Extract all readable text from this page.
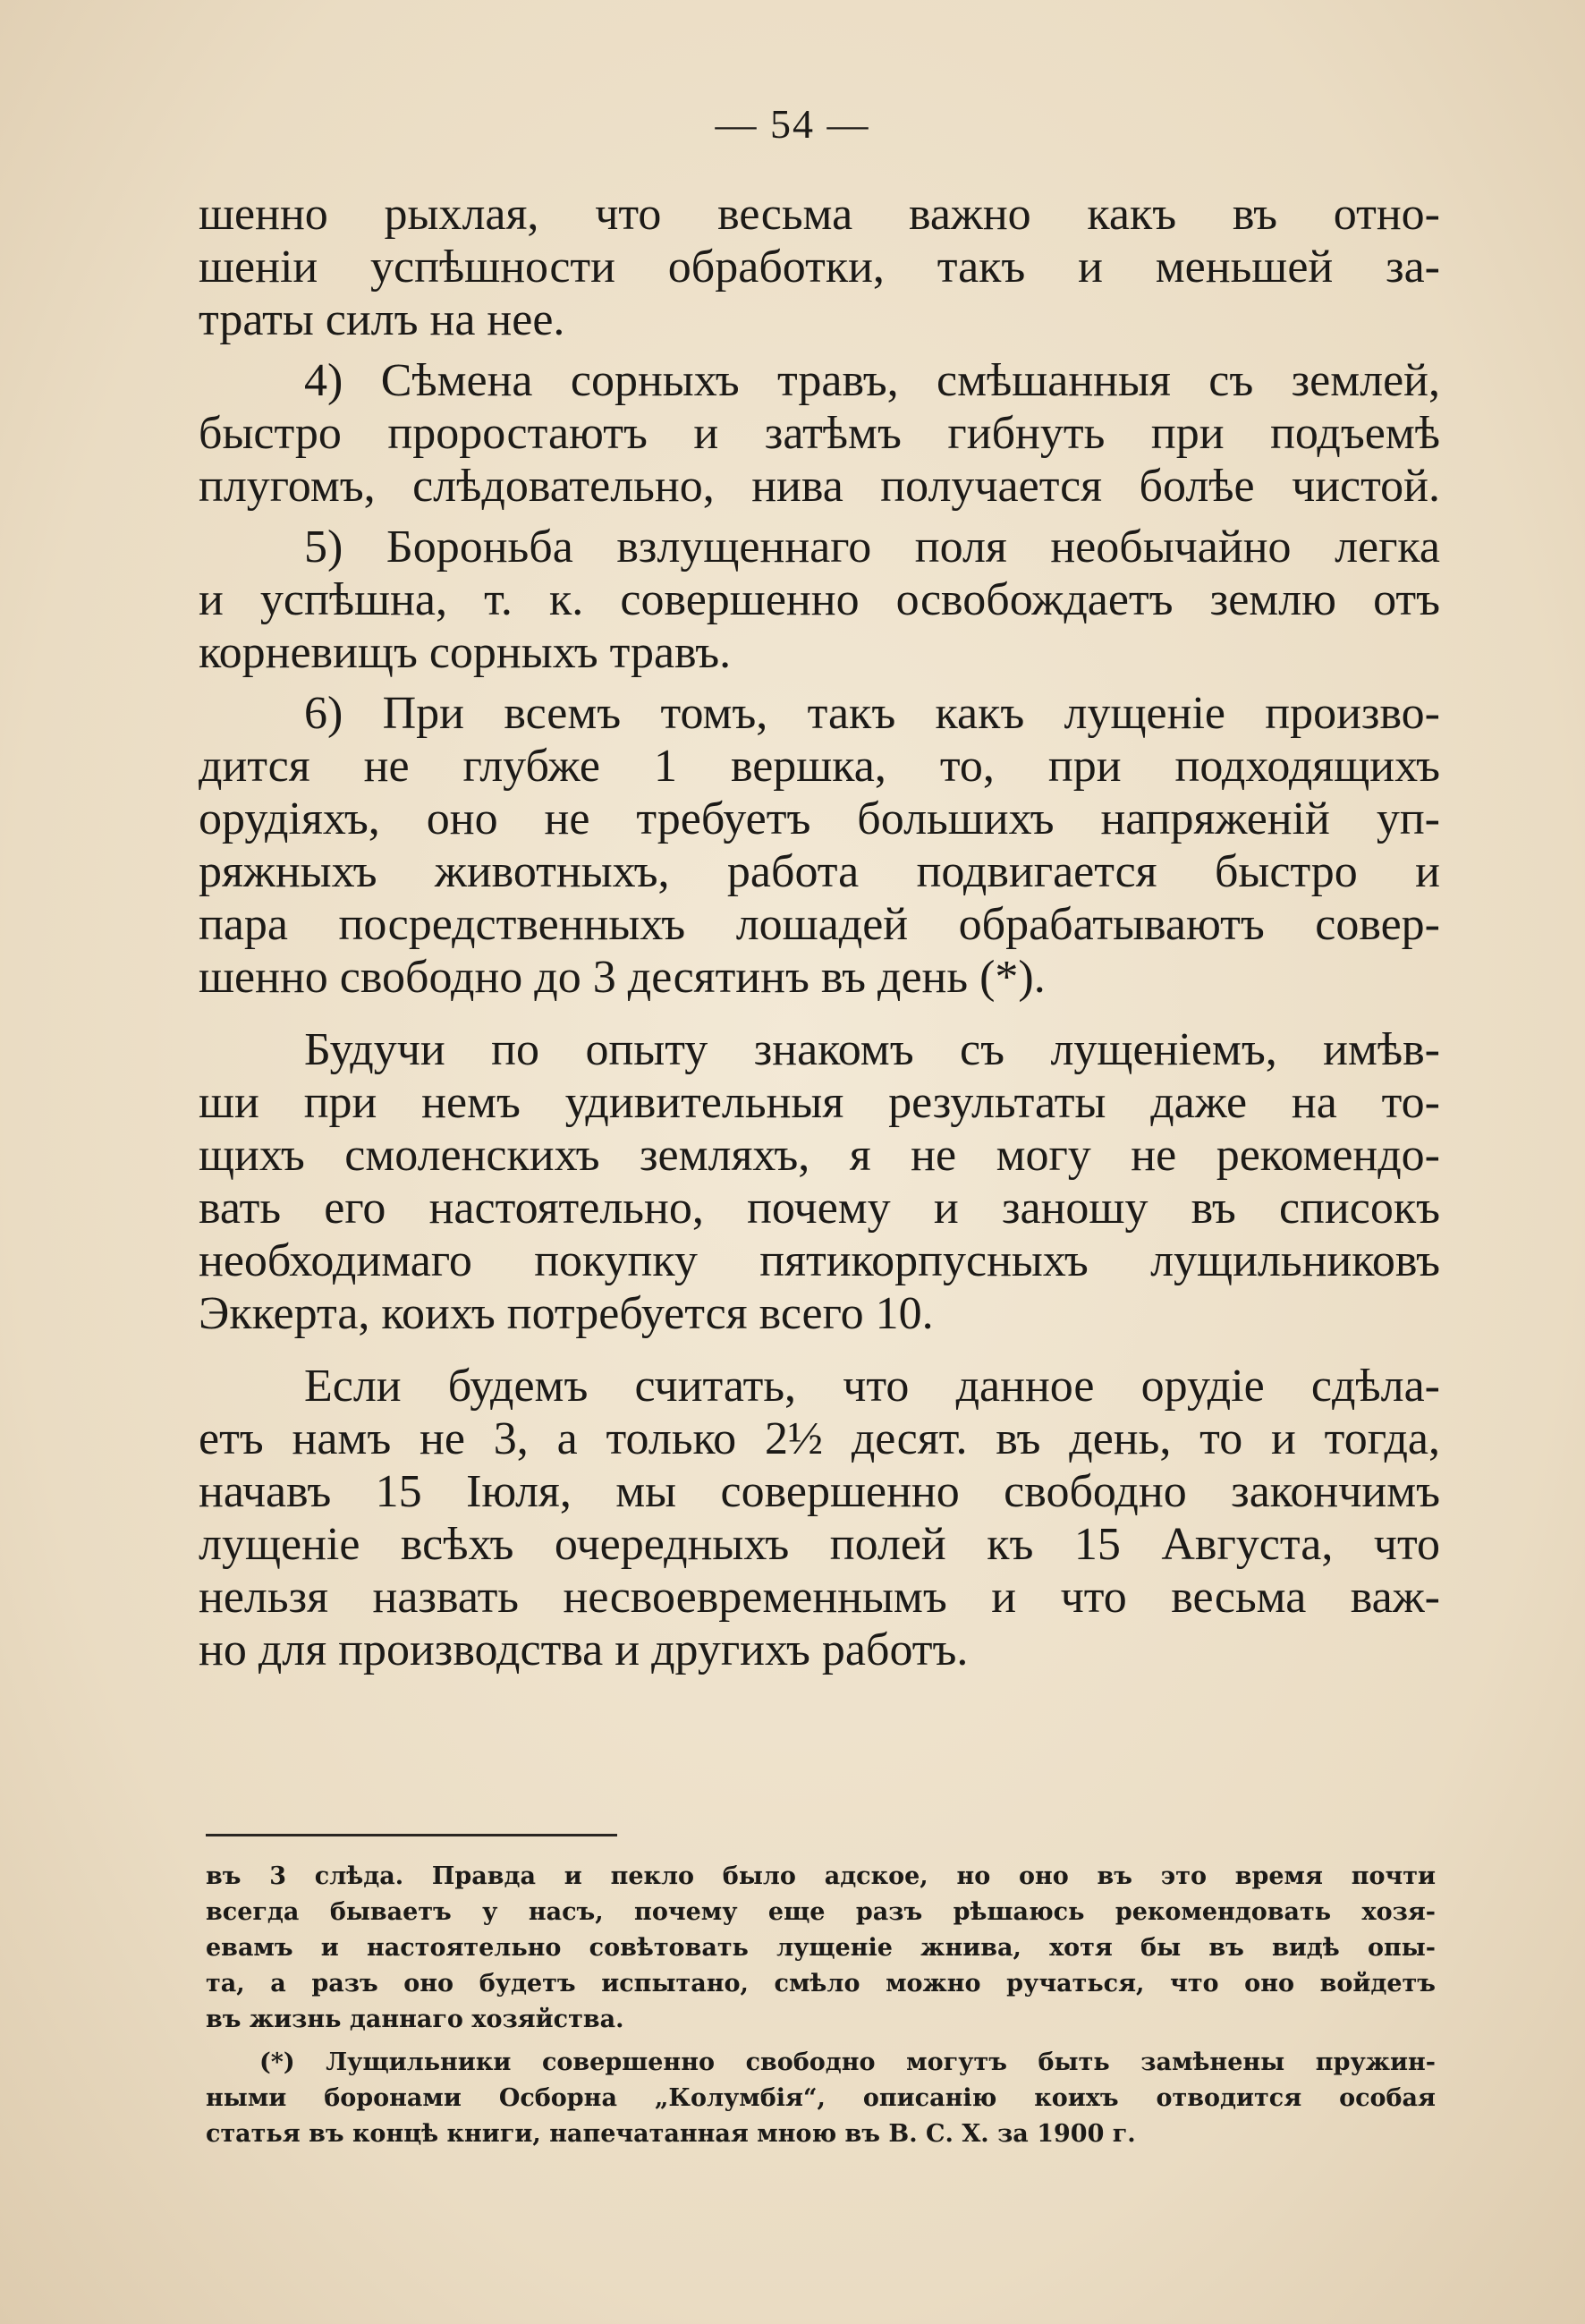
— 54 —
шенно рыхлая, что весьма важно какъ въ отно-
шеніи успѣшности обработки, такъ и меньшей за-
траты силъ на нее.
4) Сѣмена сорныхъ травъ, смѣшанныя съ землей,
быстро проростаютъ и затѣмъ гибнуть при подъемѣ
плугомъ, слѣдовательно, нива получается болѣе чистой.
5) Бороньба взлущеннаго поля необычайно легка
и успѣшна, т. к. совершенно освобождаетъ землю отъ
корневищъ сорныхъ травъ.
6) При всемъ томъ, такъ какъ лущеніе произво-
дится не глубже 1 вершка, то, при подходящихъ
орудіяхъ, оно не требуетъ большихъ напряженій уп-
ряжныхъ животныхъ, работа подвигается быстро и
пара посредственныхъ лошадей обрабатываютъ совер-
шенно свободно до 3 десятинъ въ день (*).
Будучи по опыту знакомъ съ лущеніемъ, имѣв-
ши при немъ удивительныя результаты даже на то-
щихъ смоленскихъ земляхъ, я не могу не рекомендо-
вать его настоятельно, почему и заношу въ списокъ
необходимаго покупку пятикорпусныхъ лущильниковъ
Эккерта, коихъ потребуется всего 10.
Если будемъ считать, что данное орудіе сдѣла-
етъ намъ не 3, а только 2½ десят. въ день, то и тогда,
начавъ 15 Іюля, мы совершенно свободно закончимъ
лущеніе всѣхъ очередныхъ полей къ 15 Августа, что
нельзя назвать несвоевременнымъ и что весьма важ-
но для производства и другихъ работъ.
въ 3 слѣда. Правда и пекло было адское, но оно въ это время почти
всегда бываетъ у насъ, почему еще разъ рѣшаюсь рекомендовать хозя-
евамъ и настоятельно совѣтовать лущеніе жнива, хотя бы въ видѣ опы-
та, а разъ оно будетъ испытано, смѣло можно ручаться, что оно войдетъ
въ жизнь даннаго хозяйства.
(*) Лущильники совершенно свободно могутъ быть замѣнены пружин-
ными боронами Осборна „Колумбія“, описанію коихъ отводится особая
статья въ концѣ книги, напечатанная мною въ В. С. Х. за 1900 г.
